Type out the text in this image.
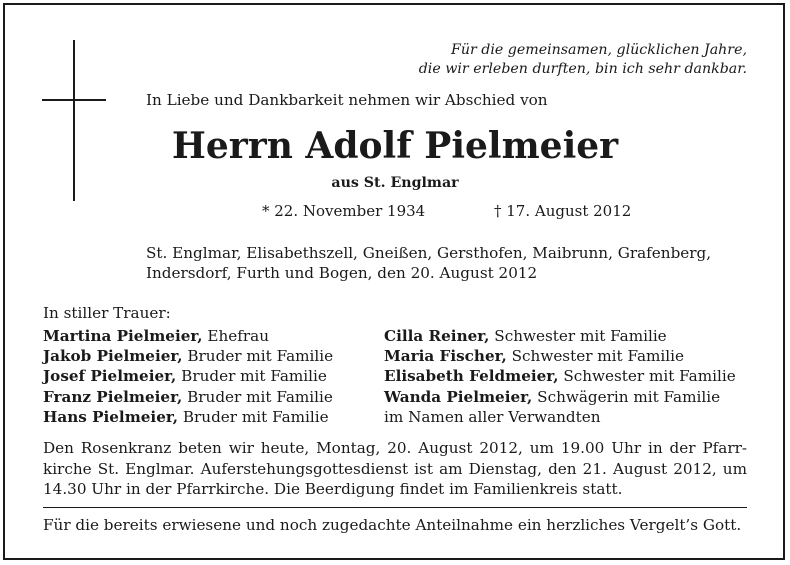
Für die gemeinsamen, glücklichen Jahre,
die wir erleben durften, bin ich sehr dankbar.
In Liebe und Dankbarkeit nehmen wir Abschied von
Herrn Adolf Pielmeier
aus St. Englmar
* 22. November 1934	† 17. August 2012
St. Englmar, Elisabethszell, Gneißen, Gersthofen, Maibrunn, Grafenberg,
Indersdorf, Furth und Bogen, den 20. August 2012
In stiller Trauer:
Martina Pielmeier, Ehefrau
Jakob Pielmeier, Bruder mit Familie
Josef Pielmeier, Bruder mit Familie
Franz Pielmeier, Bruder mit Familie
Hans Pielmeier, Bruder mit Familie
Cilla Reiner, Schwester mit Familie
Maria Fischer, Schwester mit Familie
Elisabeth Feldmeier, Schwester mit Familie
Wanda Pielmeier, Schwägerin mit Familie
im Namen aller Verwandten
Den Rosenkranz beten wir heute, Montag, 20. August 2012, um 19.00 Uhr in der Pfarr- kirche St. Englmar. Auferstehungsgottesdienst ist am Dienstag, den 21. August 2012, um 14.30 Uhr in der Pfarrkirche. Die Beerdigung findet im Familienkreis statt.
Für die bereits erwiesene und noch zugedachte Anteilnahme ein herzliches Vergelt’s Gott.
